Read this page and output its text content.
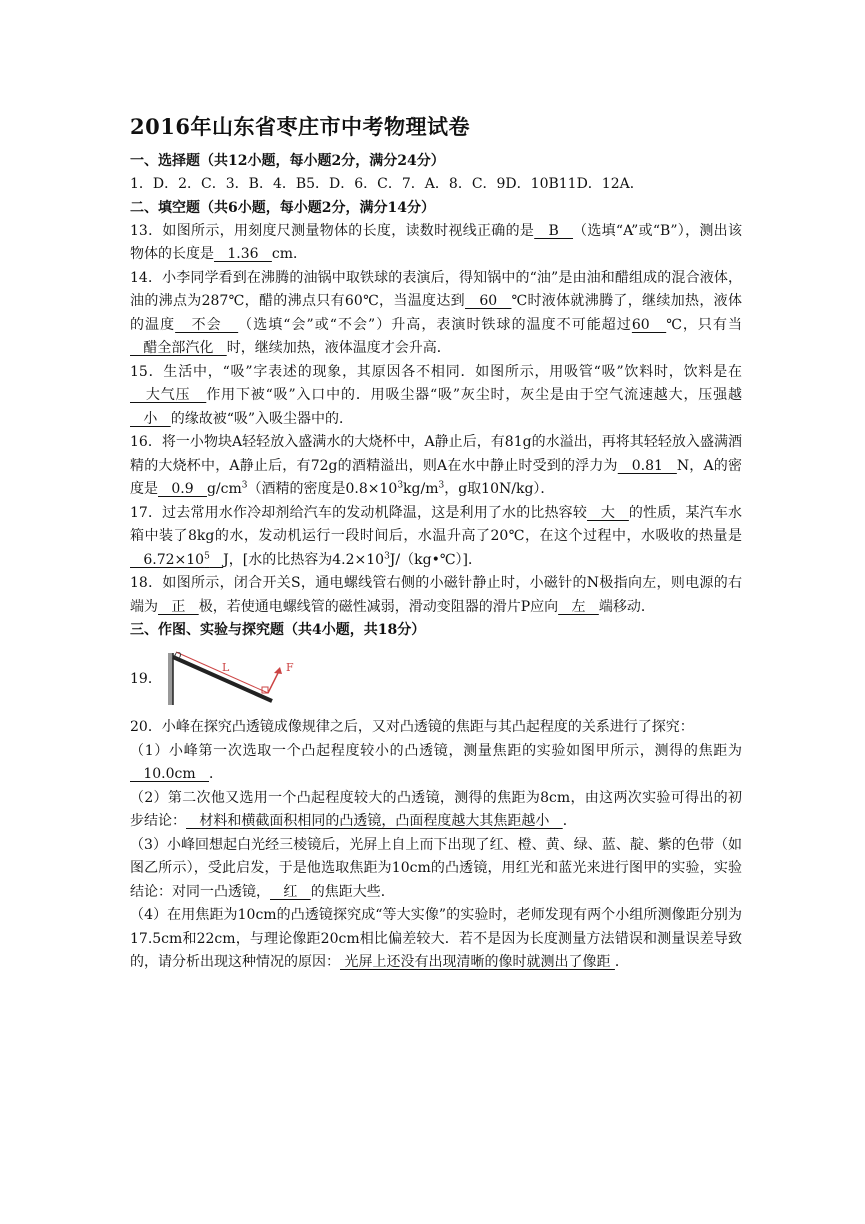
2016年山东省枣庄市中考物理试卷
一、选择题（共12小题，每小题2分，满分24分）

1．D．2．C．3．B．4．B5．D．6．C．7．A．8．C．9D．10B11D．12A．

二、填空题（共6小题，每小题2分，满分14分）

13．如图所示，用刻度尺测量物体的长度，读数时视线正确的是   B   （选填“A”或“B”），测出该物体的长度是   1.36   cm．

14．小李同学看到在沸腾的油锅中取铁球的表演后，得知锅中的“油”是由油和醋组成的混合液体，油的沸点为287℃，醋的沸点只有60℃，当温度达到   60   ℃时液体就沸腾了，继续加热，液体的温度   不会   （选填“会”或“不会”）升高，表演时铁球的温度不可能超过60   ℃，只有当   醋全部汽化   时，继续加热，液体温度才会升高．

15．生活中，“吸”字表述的现象，其原因各不相同．如图所示，用吸管“吸”饮料时，饮料是在   大气压   作用下被“吸”入口中的．用吸尘器“吸”灰尘时，灰尘是由于空气流速越大，压强越   小   的缘故被“吸”入吸尘器中的．

16．将一小物块A轻轻放入盛满水的大烧杯中，A静止后，有81g的水溢出，再将其轻轻放入盛满酒精的大烧杯中，A静止后，有72g的酒精溢出，则A在水中静止时受到的浮力为   0.81   N，A的密度是   0.9   $g/cm^3$（酒精的密度是$0.8\times 10^3kg/m^3$，g取10N/kg）．

17．过去常用水作冷却剂给汽车的发动机降温，这是利用了水的比热容较   大   的性质，某汽车水箱中装了8kg的水，发动机运行一段时间后，水温升高了20℃，在这个过程中，水吸收的热量是   $6.72\times 10^5$ J，[水的比热容为$4.2\times 10^3J/(kg•℃)$]．

18．如图所示，闭合开关S，通电螺线管右侧的小磁针静止时，小磁针的N极指向左，则电源的右端为   正   极，若使通电螺线管的磁性减弱，滑动变阻器的滑片P应向   左   端移动．

三、作图、实验与探究题（共4小题，共18分）
19．
O
L	F

20．小峰在探究凸透镜成像规律之后，又对凸透镜的焦距与其凸起程度的关系进行了探究：

（1）小峰第一次选取一个凸起程度较小的凸透镜，测量焦距的实验如图甲所示，测得的焦距为   10.0cm   ．

（2）第二次他又选用一个凸起程度较大的凸透镜，测得的焦距为8cm，由这两次实验可得出的初步结论：   材料和横截面积相同的凸透镜，凸面程度越大其焦距越小   ．

（3）小峰回想起白光经三棱镜后，光屏上自上而下出现了红、橙、黄、绿、蓝、靛、紫的色带（如图乙所示），受此启发，于是他选取焦距为10cm的凸透镜，用红光和蓝光来进行图甲的实验，实验结论：对同一凸透镜，   红   的焦距大些．

（4）在用焦距为10cm的凸透镜探究成“等大实像”的实验时，老师发现有两个小组所测像距分别为17.5cm和22cm，与理论像距20cm相比偏差较大．若不是因为长度测量方法错误和测量误差导致的，请分析出现这种情况的原因： 光屏上还没有出现清晰的像时就测出了像距 ．
